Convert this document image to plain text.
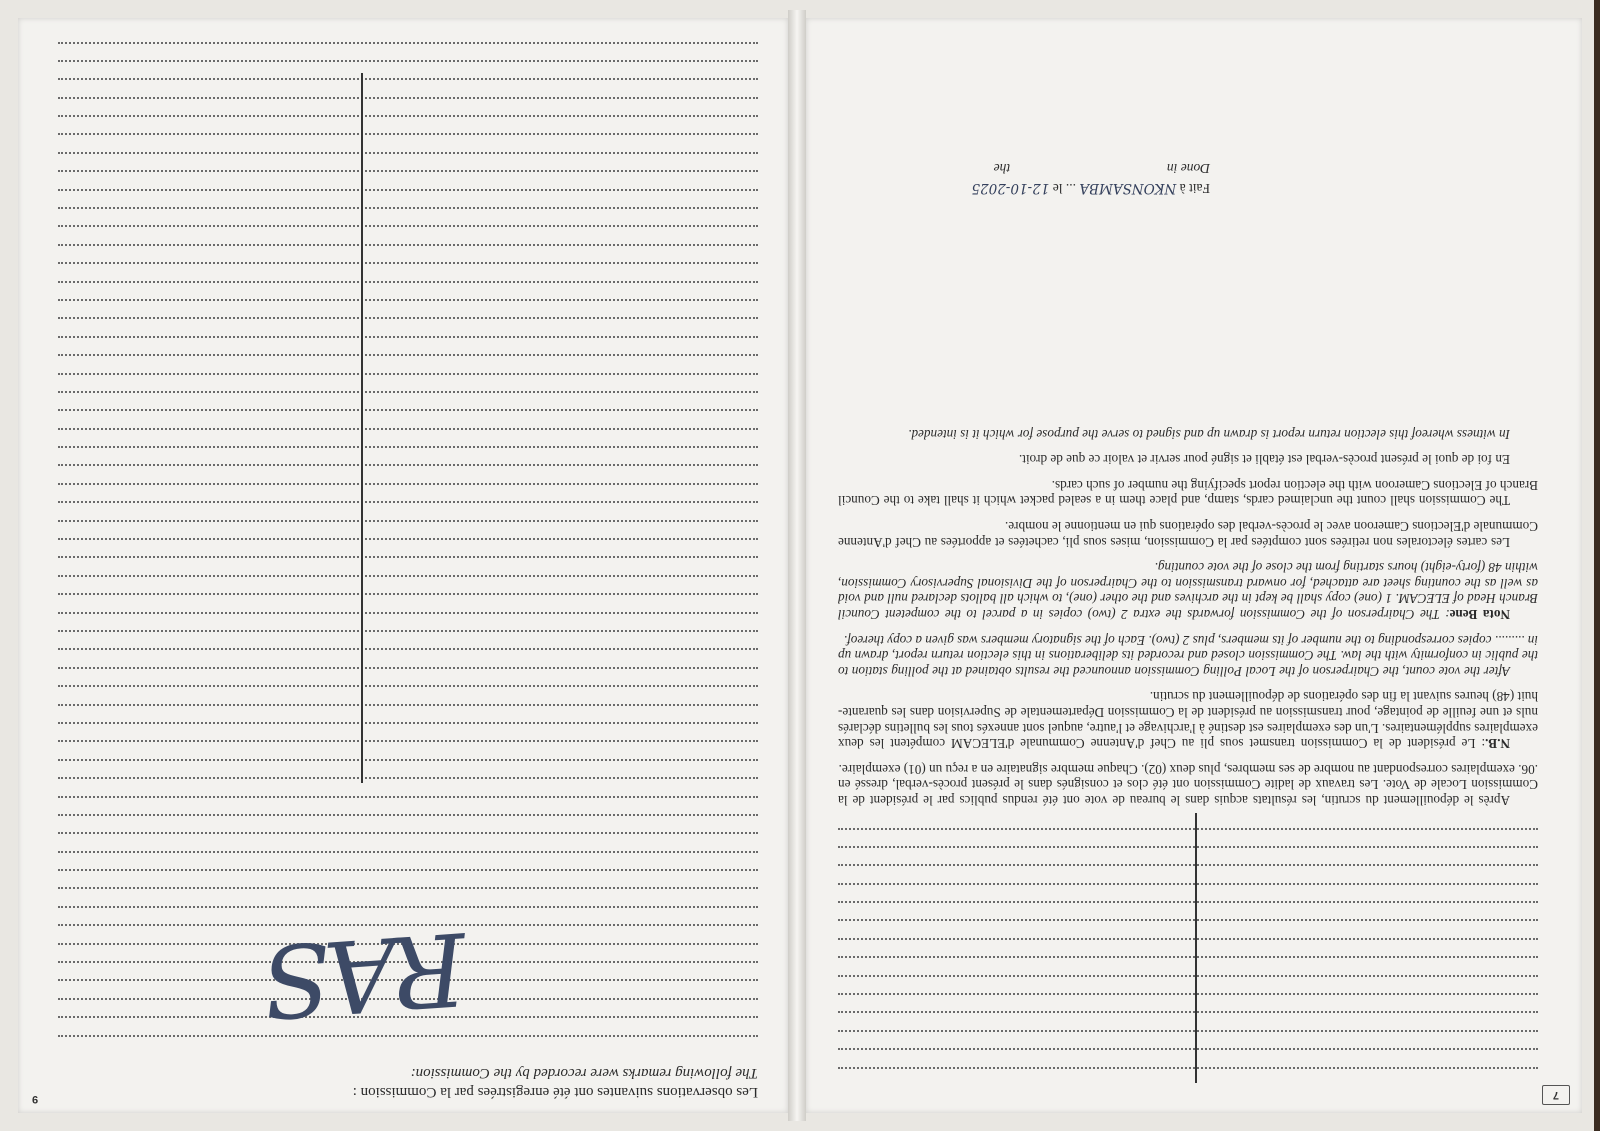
9	Les observations suivantes ont été enregistrées par la Commission :
The following remarks were recorded by the Commission:
RAS
7

Après le dépouillement du scrutin, les résultats acquis dans le bureau de vote ont été rendus publics par le président de la Commission Locale de Vote. Les travaux de ladite Commission ont été clos et consignés dans le présent procès-verbal, dressé en .06. exemplaires correspondant au nombre de ses membres, plus deux (02). Chaque membre signataire en a reçu un (01) exemplaire.

N.B.: Le président de la Commission transmet sous pli au Chef d'Antenne Communale d'ELECAM compétent les deux exemplaires supplémentaires. L'un des exemplaires est destiné à l'archivage et l'autre, auquel sont annexés tous les bulletins déclarés nuls et une feuille de pointage, pour transmission au président de la Commission Départementale de Supervision dans les quarante-huit (48) heures suivant la fin des opérations de dépouillement du scrutin.

After the vote count, the Chairperson of the Local Polling Commission announced the results obtained at the polling station to the public in conformity with the law. The Commission closed and recorded its deliberations in this election return report, drawn up in ......... copies corresponding to the number of its members, plus 2 (two). Each of the signatory members was given a copy thereof.

Nota Bene: The Chairperson of the Commission forwards the extra 2 (two) copies in a parcel to the competent Council Branch Head of ELECAM. 1 (one) copy shall be kept in the archives and the other (one), to which all ballots declared null and void as well as the counting sheet are attached, for onward transmission to the Chairperson of the Divisional Supervisory Commission, within 48 (forty-eight) hours starting from the close of the vote counting.

Les cartes électorales non retirées sont comptées par la Commission, mises sous pli, cachetées et apportées au Chef d'Antenne Communale d'Elections Cameroon avec le procès-verbal des opérations qui en mentionne le nombre.

The Commission shall count the unclaimed cards, stamp, and place them in a sealed packet which it shall take to the Council Branch of Elections Cameroon with the election report specifying the number of such cards.

En foi de quoi le présent procès-verbal est établi et signé pour servir et valoir ce que de droit.

In witness whereof this election return report is drawn up and signed to serve the purpose for which it is intended.

Fait à NKONSAMBA ... le 12-10-2025
Done in  the
